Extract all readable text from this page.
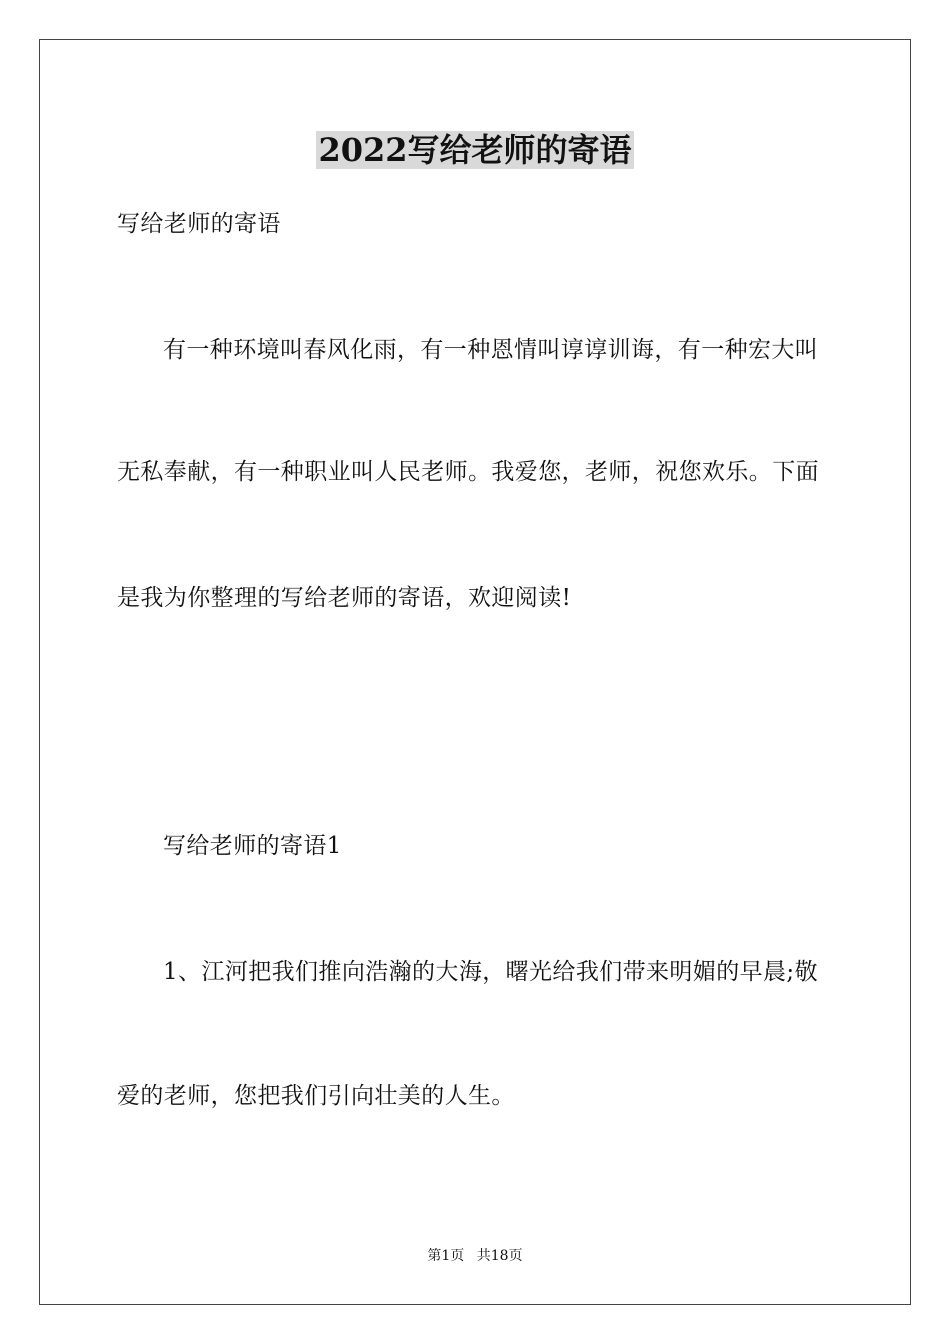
2022写给老师的寄语
写给老师的寄语
有一种环境叫春风化雨，有一种恩情叫谆谆训诲，有一种宏大叫
无私奉献，有一种职业叫人民老师。我爱您，老师，祝您欢乐。下面
是我为你整理的写给老师的寄语，欢迎阅读!
写给老师的寄语1
1、江河把我们推向浩瀚的大海，曙光给我们带来明媚的早晨;敬
爱的老师，您把我们引向壮美的人生。
第1页 共18页
